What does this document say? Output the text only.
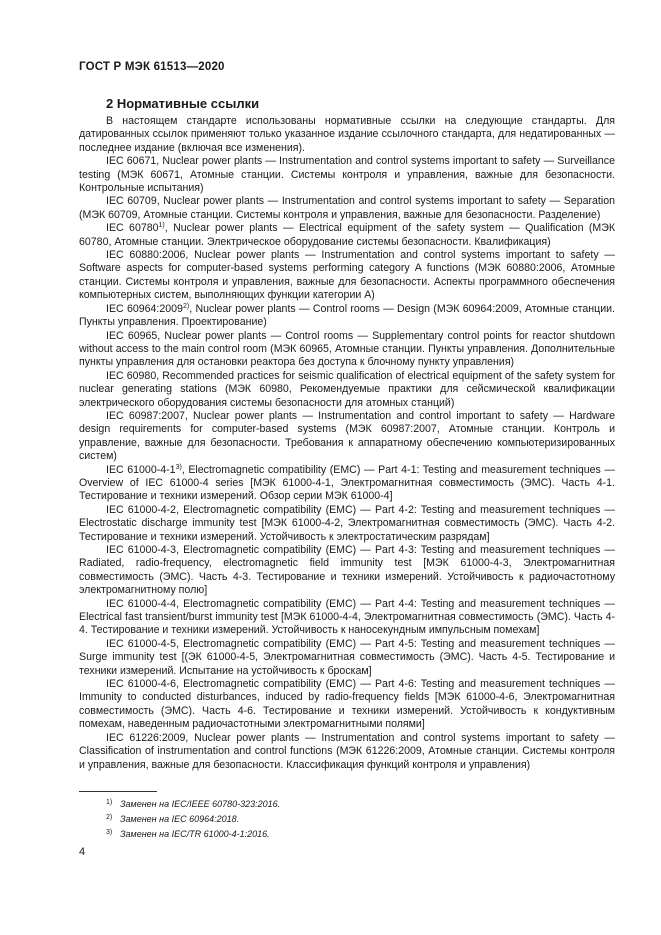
ГОСТ Р МЭК 61513—2020
2 Нормативные ссылки

В настоящем стандарте использованы нормативные ссылки на следующие стандарты. Для датированных ссылок применяют только указанное издание ссылочного стандарта, для недатированных — последнее издание (включая все изменения).

IEC 60671, Nuclear power plants — Instrumentation and control systems important to safety — Surveillance testing (МЭК 60671, Атомные станции. Системы контроля и управления, важные для безопасности. Контрольные испытания)

IEC 60709, Nuclear power plants — Instrumentation and control systems important to safety — Separation (МЭК 60709, Атомные станции. Системы контроля и управления, важные для безопасности. Разделение)

IEC 60780$^{1)}$, Nuclear power plants — Electrical equipment of the safety system — Qualification (МЭК 60780, Атомные станции. Электрическое оборудование системы безопасности. Квалификация)

IEC 60880:2006, Nuclear power plants — Instrumentation and control systems important to safety — Software aspects for computer-based systems performing category A functions (МЭК 60880:2006, Атомные станции. Системы контроля и управления, важные для безопасности. Аспекты программного обеспечения компьютерных систем, выполняющих функции категории А)

IEC 60964:2009$^{2)}$, Nuclear power plants — Control rooms — Design (МЭК 60964:2009, Атомные станции. Пункты управления. Проектирование)

IEC 60965, Nuclear power plants — Control rooms — Supplementary control points for reactor shutdown without access to the main control room (МЭК 60965, Атомные станции. Пункты управления. Дополнительные пункты управления для остановки реактора без доступа к блочному пункту управления)

IEC 60980, Recommended practices for seismic qualification of electrical equipment of the safety system for nuclear generating stations (МЭК 60980, Рекомендуемые практики для сейсмической квалификации электрического оборудования системы безопасности для атомных станций)

IEC 60987:2007, Nuclear power plants — Instrumentation and control important to safety — Hardware design requirements for computer-based systems (МЭК 60987:2007, Атомные станции. Контроль и управление, важные для безопасности. Требования к аппаратному обеспечению компьютеризированных систем)

IEC 61000-4-1$^{3)}$, Electromagnetic compatibility (EMC) — Part 4-1: Testing and measurement techniques — Overview of IEC 61000-4 series [МЭК 61000-4-1, Электромагнитная совместимость (ЭМС). Часть 4-1. Тестирование и техники измерений. Обзор серии МЭК 61000-4]

IEC 61000-4-2, Electromagnetic compatibility (EMC) — Part 4-2: Testing and measurement techniques — Electrostatic discharge immunity test [МЭК 61000-4-2, Электромагнитная совместимость (ЭМС). Часть 4-2. Тестирование и техники измерений. Устойчивость к электростатическим разрядам]

IEC 61000-4-3, Electromagnetic compatibility (EMC) — Part 4-3: Testing and measurement techniques — Radiated, radio-frequency, electromagnetic field immunity test [МЭК 61000-4-3, Электромагнитная совместимость (ЭМС). Часть 4-3. Тестирование и техники измерений. Устойчивость к радиочастотному электромагнитному полю]

IEC 61000-4-4, Electromagnetic compatibility (EMC) — Part 4-4: Testing and measurement techniques — Electrical fast transient/burst immunity test [МЭК 61000-4-4, Электромагнитная совместимость (ЭМС). Часть 4-4. Тестирование и техники измерений. Устойчивость к наносекундным импульсным помехам]

IEC 61000-4-5, Electromagnetic compatibility (EMC) — Part 4-5: Testing and measurement techniques — Surge immunity test [(ЭК 61000-4-5, Электромагнитная совместимость (ЭМС). Часть 4-5. Тестирование и техники измерений. Испытание на устойчивость к броскам]

IEC 61000-4-6, Electromagnetic compatibility (EMC) — Part 4-6: Testing and measurement techniques — Immunity to conducted disturbances, induced by radio-frequency fields [МЭК 61000-4-6, Электромагнитная совместимость (ЭМС). Часть 4-6. Тестирование и техники измерений. Устойчивость к кондуктивным помехам, наведенным радиочастотными электромагнитными полями]

IEC 61226:2009, Nuclear power plants — Instrumentation and control systems important to safety — Classification of instrumentation and control functions (МЭК 61226:2009, Атомные станции. Системы контроля и управления, важные для безопасности. Классификация функций контроля и управления)

$^{1)}$ Заменен на IEC/IEEE 60780-323:2016.
$^{2)}$ Заменен на IEC 60964:2018.
$^{3)}$ Заменен на IEC/TR 61000-4-1:2016.
4
